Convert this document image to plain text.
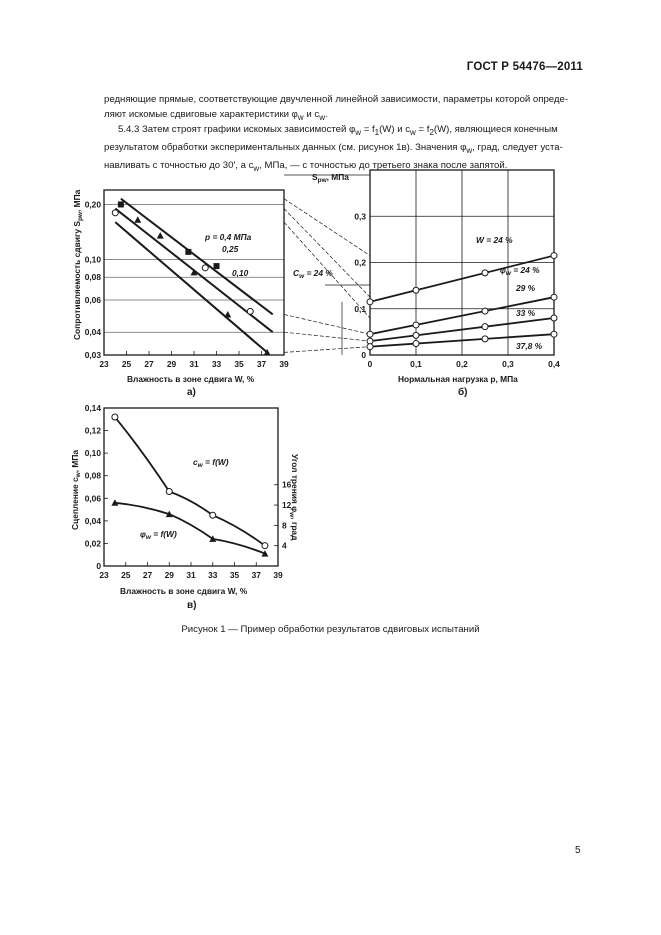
ГОСТ Р 54476—2011

редняющие прямые, соответствующие двучленной линейной зависимости, параметры которой опреде-

ляют искомые сдвиговые характеристики $\varphi_w$ и $c_w$.

5.4.3 Затем строят графики искомых зависимостей $\varphi_w = f_1(W)$ и $c_w = f_2(W)$, являющиеся конечным

результатом обработки экспериментальных данных (см. рисунок 1в). Значения $\varphi_w$, град, следует уста-

навливать с точностью до 30′, а $c_w$, МПа, — с точностью до третьего знака после запятой.

23 25 27 29 31 33 35 37 39
0,20
0,10
0,08
0,06
0,04
0,03
а)
Влажность в зоне сдвига W, %
Сопротивляемость сдвигу $S_{рw}$, МПа
p = 0,4 МПа
0,25
0,10
0	0,1	0,2	0,3	0,4
0,3
0,2
0,1
0
$S_{рw}$, МПа
Нормальная нагрузка p, МПа
б)
W = 24 %
$\varphi_w = 24$ %
$C_w = 24$ %
29 %
33 %
37,8 %
23 25 27 29 31 33 35 37 39
0,14
0,12
0,10
0,08
0,06
0,04
0,02
0
16
12
8
4
Влажность в зоне сдвига W, %
в)
Сцепление $c_w$, МПа	Угол трения $\varphi_w$, град
$c_w = f(W)$
$\varphi_w = f(W)$
Рисунок 1 — Пример обработки результатов сдвиговых испытаний
5
